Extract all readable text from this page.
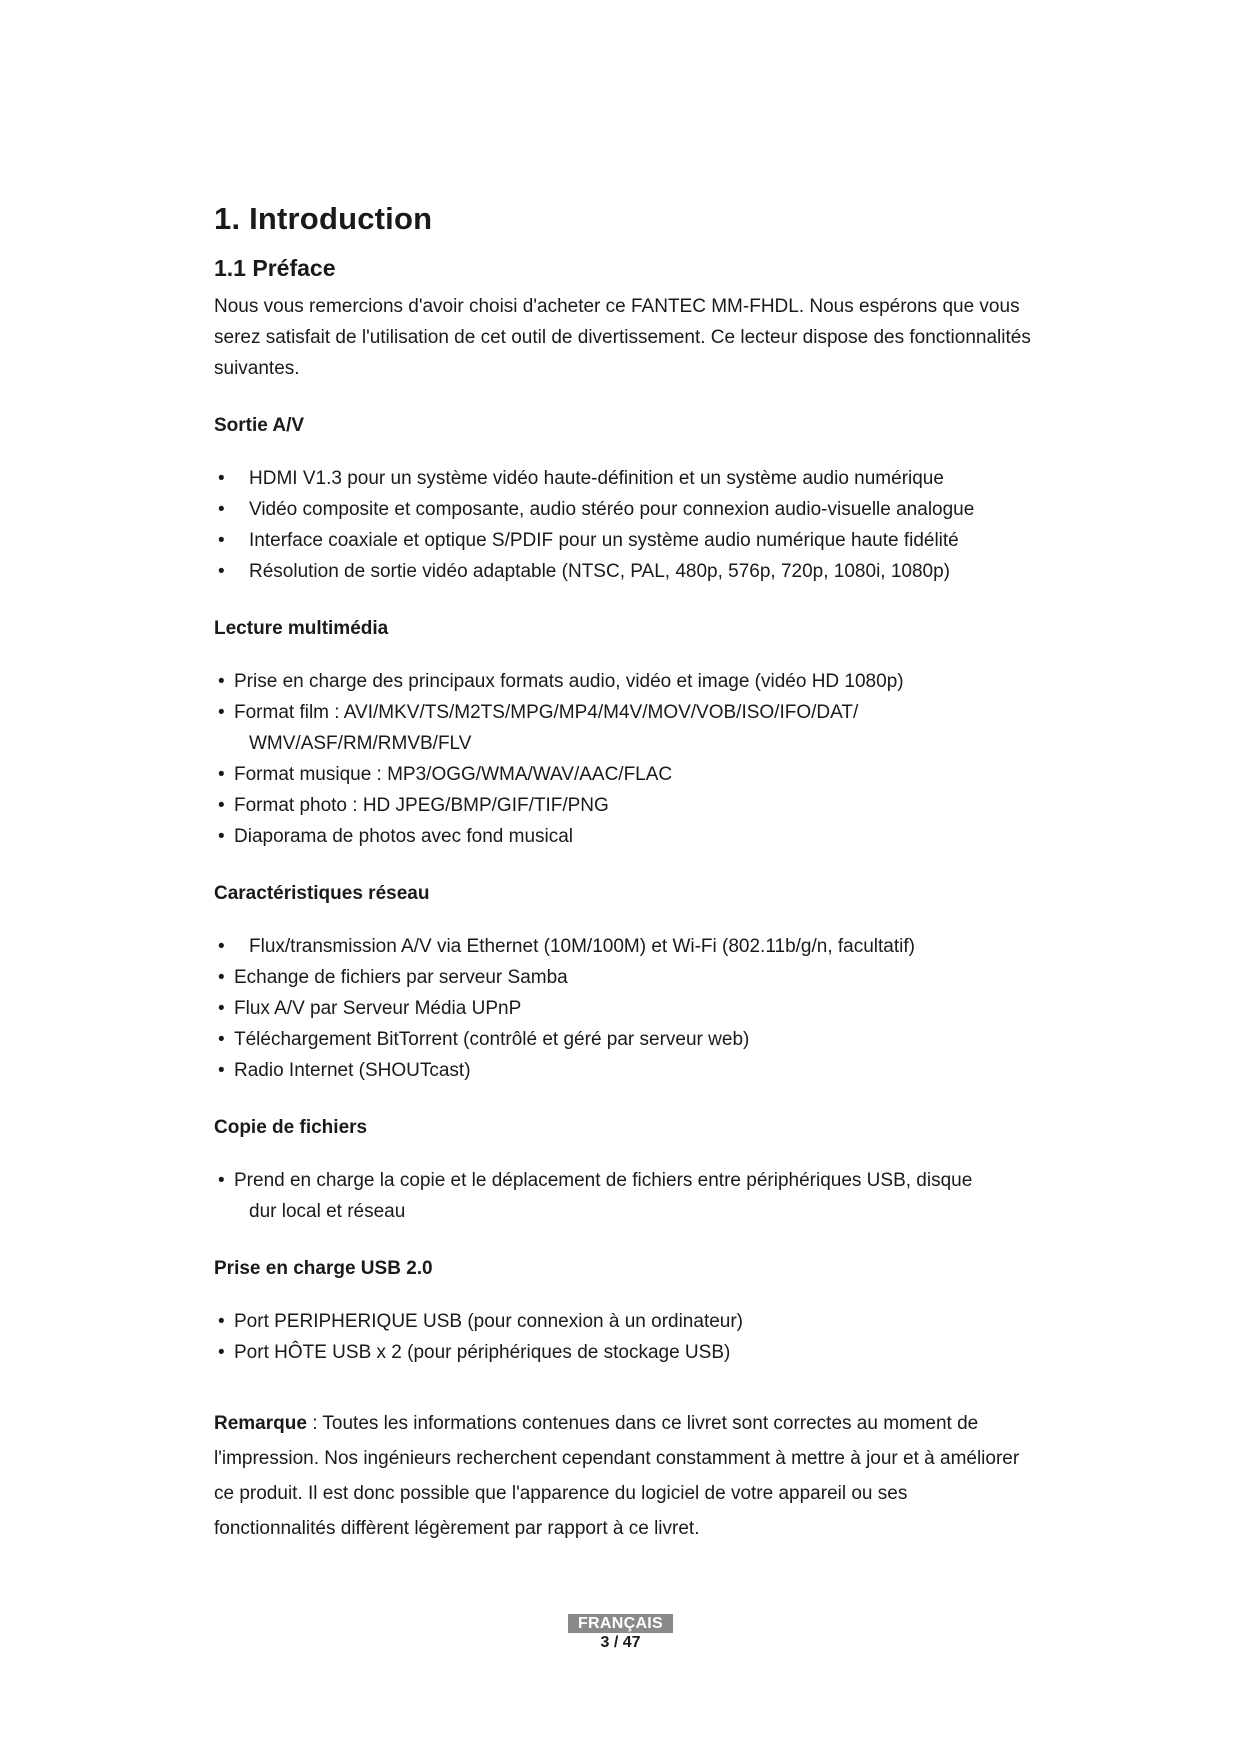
1. Introduction
1.1 Préface

Nous vous remercions d'avoir choisi d'acheter ce FANTEC MM-FHDL. Nous espérons que vous serez satisfait de l'utilisation de cet outil de divertissement. Ce lecteur dispose des fonctionnalités suivantes.

Sortie A/V
• HDMI V1.3 pour un système vidéo haute-définition et un système audio numérique
• Vidéo composite et composante, audio stéréo pour connexion audio-visuelle analogue
• Interface coaxiale et optique S/PDIF pour un système audio numérique haute fidélité
• Résolution de sortie vidéo adaptable (NTSC, PAL, 480p, 576p, 720p, 1080i, 1080p)
Lecture multimédia
• Prise en charge des principaux formats audio, vidéo et image (vidéo HD 1080p)
• Format film : AVI/MKV/TS/M2TS/MPG/MP4/M4V/MOV/VOB/ISO/IFO/DAT/
WMV/ASF/RM/RMVB/FLV
• Format musique : MP3/OGG/WMA/WAV/AAC/FLAC
• Format photo : HD JPEG/BMP/GIF/TIF/PNG
• Diaporama de photos avec fond musical
Caractéristiques réseau
• Flux/transmission A/V via Ethernet (10M/100M) et Wi-Fi (802.11b/g/n, facultatif)
• Echange de fichiers par serveur Samba
• Flux A/V par Serveur Média UPnP
• Téléchargement BitTorrent (contrôlé et géré par serveur web)
• Radio Internet (SHOUTcast)
Copie de fichiers
• Prend en charge la copie et le déplacement de fichiers entre périphériques USB, disque
dur local et réseau
Prise en charge USB 2.0
• Port PERIPHERIQUE USB (pour connexion à un ordinateur)
• Port HÔTE USB x 2 (pour périphériques de stockage USB)

Remarque : Toutes les informations contenues dans ce livret sont correctes au moment de l'impression. Nos ingénieurs recherchent cependant constamment à mettre à jour et à améliorer ce produit. Il est donc possible que l'apparence du logiciel de votre appareil ou ses fonctionnalités diffèrent légèrement par rapport à ce livret.

FRANÇAIS
3 / 47
